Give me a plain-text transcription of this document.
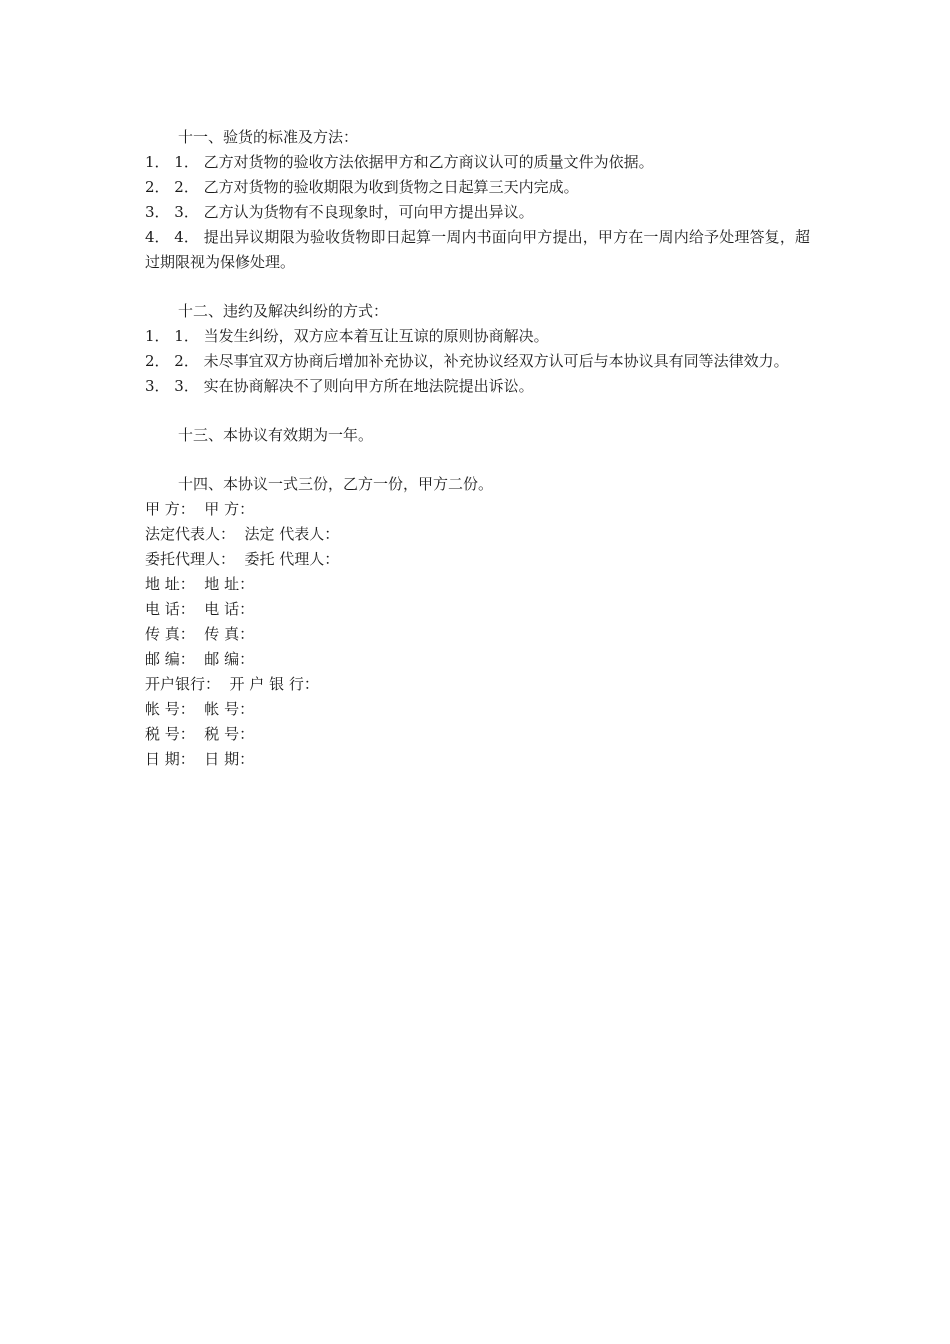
十一、验货的标准及方法：
1． 1． 乙方对货物的验收方法依据甲方和乙方商议认可的质量文件为依据。
2． 2． 乙方对货物的验收期限为收到货物之日起算三天内完成。
3． 3． 乙方认为货物有不良现象时，可向甲方提出异议。
4． 4． 提出异议期限为验收货物即日起算一周内书面向甲方提出，甲方在一周内给予处理答复，超过期限视为保修处理。
十二、违约及解决纠纷的方式：
1． 1． 当发生纠纷，双方应本着互让互谅的原则协商解决。
2． 2． 未尽事宜双方协商后增加补充协议，补充协议经双方认可后与本协议具有同等法律效力。
3． 3． 实在协商解决不了则向甲方所在地法院提出诉讼。
十三、本协议有效期为一年。
十四、本协议一式三份，乙方一份，甲方二份。
甲 方：  甲 方：
法定代表人：  法定 代表人：
委托代理人：  委托 代理人：
地 址：  地 址：
电 话：  电 话：
传 真：  传 真：
邮 编：  邮 编：
开户银行：  开 户 银 行：
帐 号：  帐 号：
税 号：  税 号：
日 期：  日 期：
